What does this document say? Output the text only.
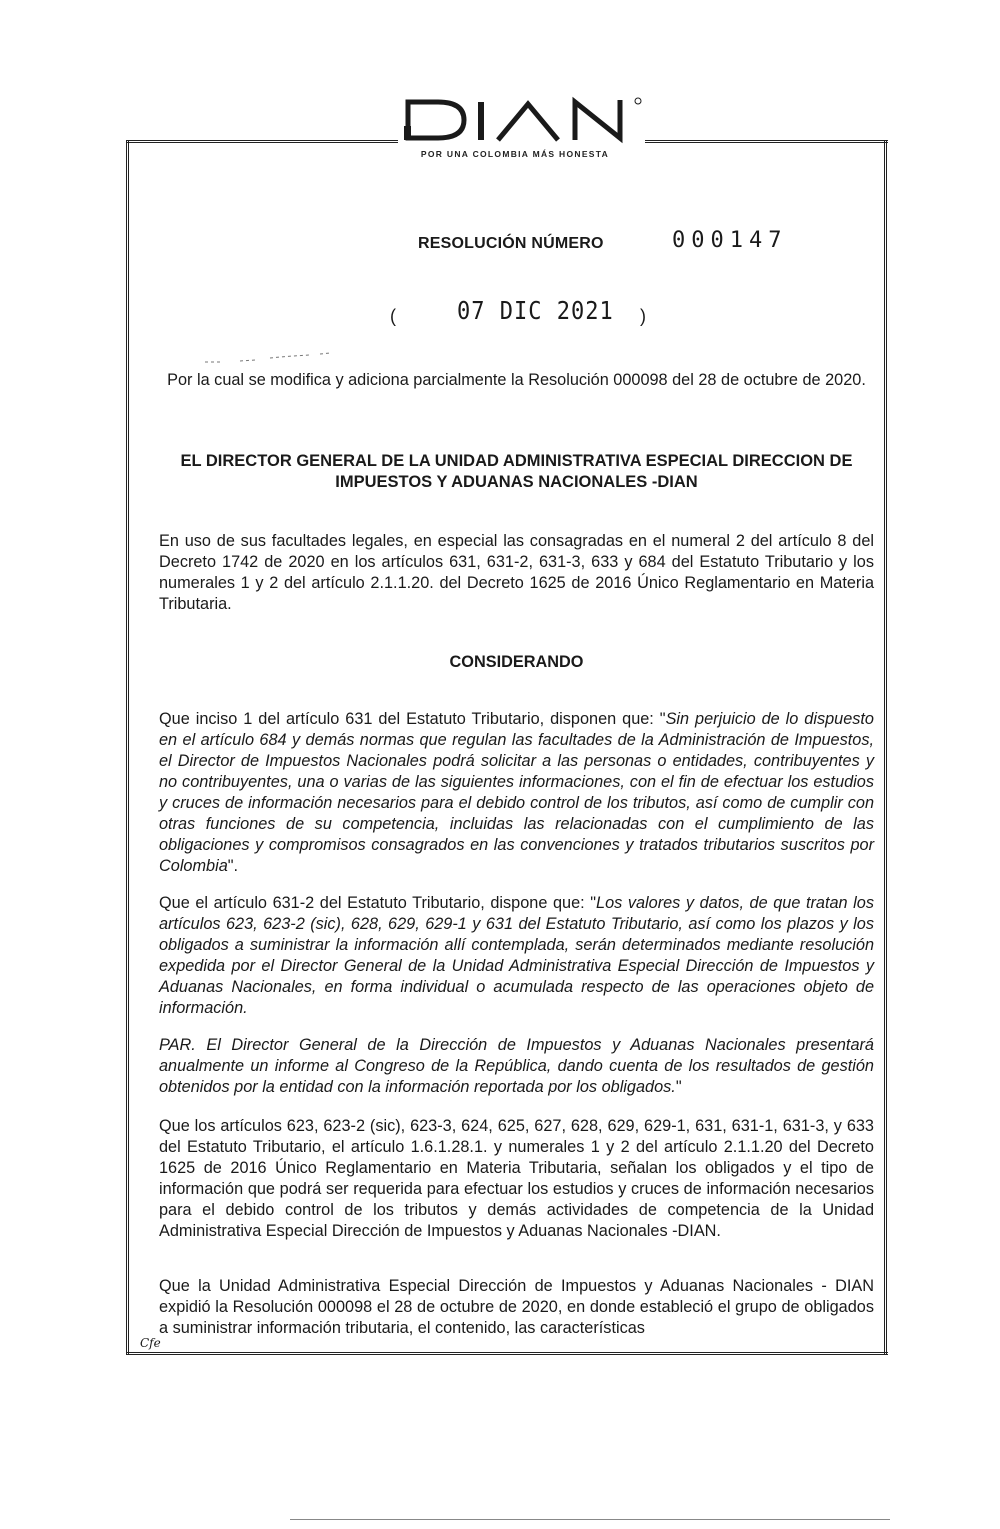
POR UNA COLOMBIA MÁS HONESTA
RESOLUCIÓN NÚMERO	000147
(	07 DIC 2021 )
Por la cual se modifica y adiciona parcialmente la Resolución 000098 del 28 de octubre de 2020.
EL DIRECTOR GENERAL DE LA UNIDAD ADMINISTRATIVA ESPECIAL DIRECCION DE IMPUESTOS Y ADUANAS NACIONALES -DIAN
En uso de sus facultades legales, en especial las consagradas en el numeral 2 del artículo 8 del Decreto 1742 de 2020 en los artículos 631, 631-2, 631-3, 633 y 684 del Estatuto Tributario y los numerales 1 y 2 del artículo 2.1.1.20. del Decreto 1625 de 2016 Único Reglamentario en Materia Tributaria.
CONSIDERANDO
Que inciso 1 del artículo 631 del Estatuto Tributario, disponen que: "Sin perjuicio de lo dispuesto en el artículo 684 y demás normas que regulan las facultades de la Administración de Impuestos, el Director de Impuestos Nacionales podrá solicitar a las personas o entidades, contribuyentes y no contribuyentes, una o varias de las siguientes informaciones, con el fin de efectuar los estudios y cruces de información necesarios para el debido control de los tributos, así como de cumplir con otras funciones de su competencia, incluidas las relacionadas con el cumplimiento de las obligaciones y compromisos consagrados en las convenciones y tratados tributarios suscritos por Colombia".
Que el artículo 631-2 del Estatuto Tributario, dispone que: "Los valores y datos, de que tratan los artículos 623, 623-2 (sic), 628, 629, 629-1 y 631 del Estatuto Tributario, así como los plazos y los obligados a suministrar la información allí contemplada, serán determinados mediante resolución expedida por el Director General de la Unidad Administrativa Especial Dirección de Impuestos y Aduanas Nacionales, en forma individual o acumulada respecto de las operaciones objeto de información.
PAR. El Director General de la Dirección de Impuestos y Aduanas Nacionales presentará anualmente un informe al Congreso de la República, dando cuenta de los resultados de gestión obtenidos por la entidad con la información reportada por los obligados."
Que los artículos 623, 623-2 (sic), 623-3, 624, 625, 627, 628, 629, 629-1, 631, 631-1, 631-3, y 633 del Estatuto Tributario, el artículo 1.6.1.28.1. y numerales 1 y 2 del artículo 2.1.1.20 del Decreto 1625 de 2016 Único Reglamentario en Materia Tributaria, señalan los obligados y el tipo de información que podrá ser requerida para efectuar los estudios y cruces de información necesarios para el debido control de los tributos y demás actividades de competencia de la Unidad Administrativa Especial Dirección de Impuestos y Aduanas Nacionales -DIAN.
Que la Unidad Administrativa Especial Dirección de Impuestos y Aduanas Nacionales - DIAN expidió la Resolución 000098 el 28 de octubre de 2020, en donde estableció el grupo de obligados a suministrar información tributaria, el contenido, las características
Cfe
